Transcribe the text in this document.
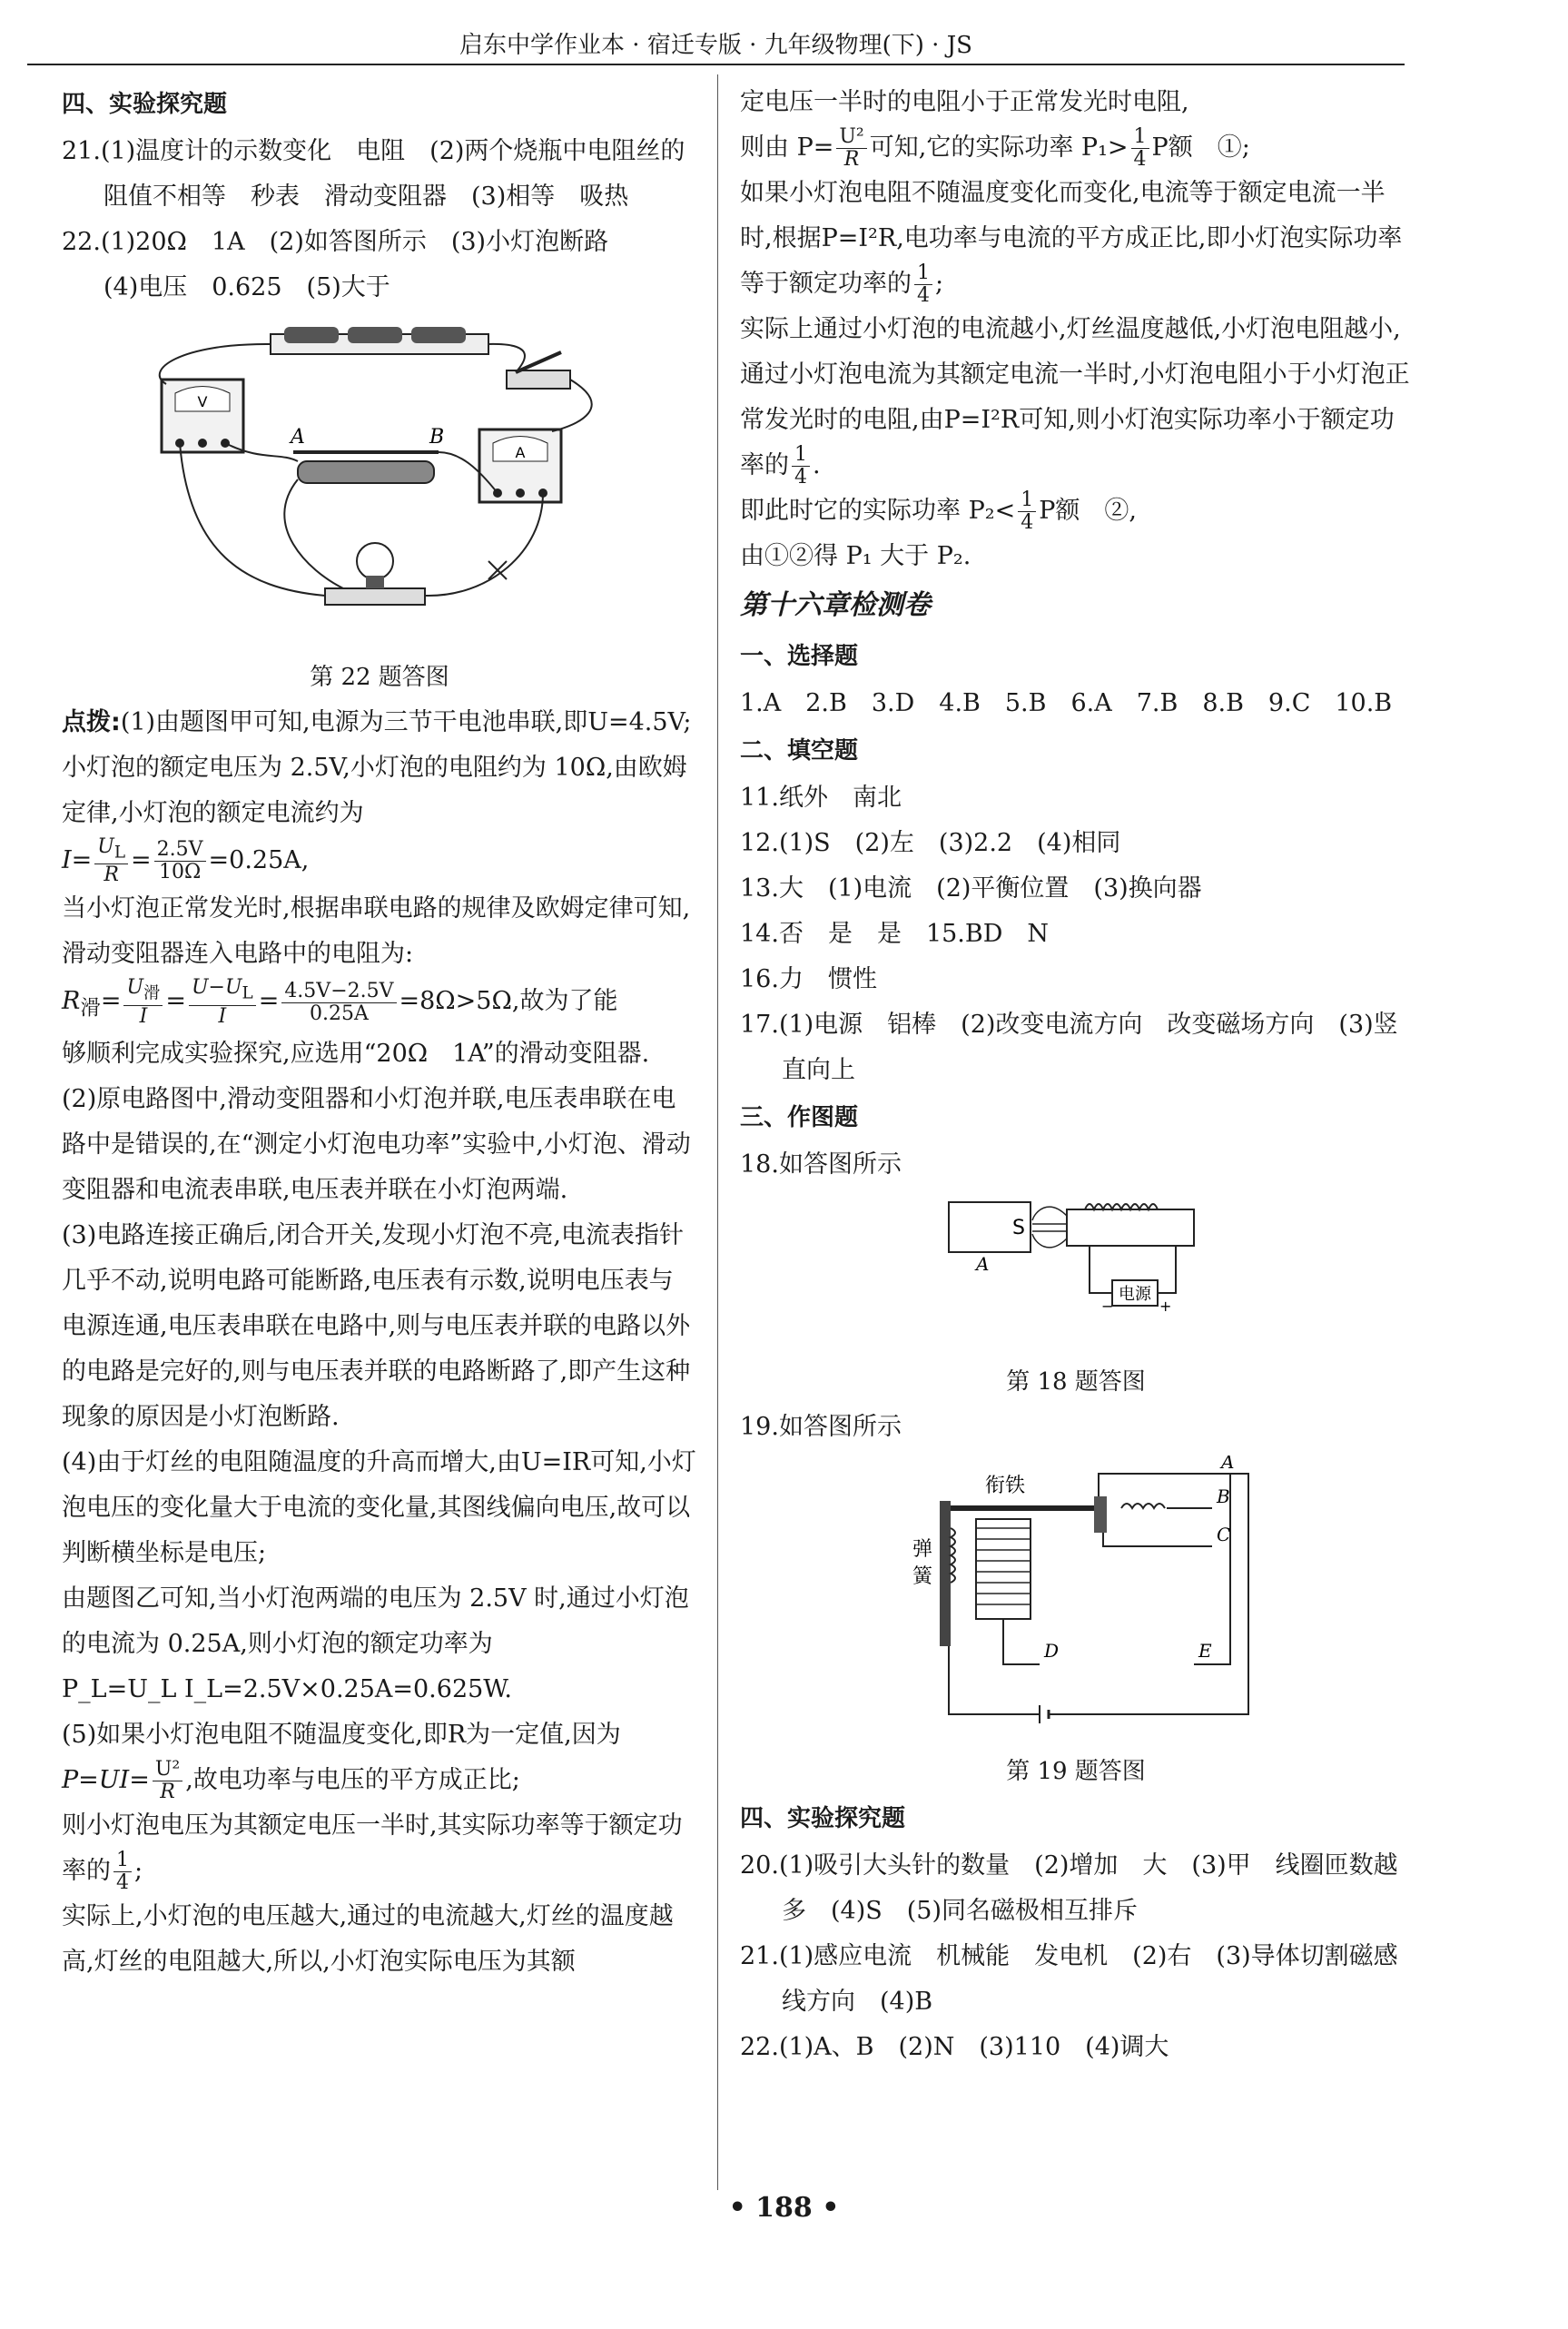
启东中学作业本 · 宿迁专版 · 九年级物理(下) · JS

四、实验探究题

21.(1)温度计的示数变化　电阻　(2)两个烧瓶中电阻丝的阻值不相等　秒表　滑动变阻器　(3)相等　吸热

22.(1)20Ω　1A　(2)如答图所示　(3)小灯泡断路

(4)电压　0.625　(5)大于

V
A
A	B

第 22 题答图

点拨:(1)由题图甲可知,电源为三节干电池串联,即U=4.5V;

小灯泡的额定电压为 2.5V,小灯泡的电阻约为 10Ω,由欧姆定律,小灯泡的额定电流约为

$I= \frac{U_L}{R} = \frac{2.5V}{10\Omega} =0.25A$,

当小灯泡正常发光时,根据串联电路的规律及欧姆定律可知,滑动变阻器连入电路中的电阻为:

$R_滑= \frac{U_滑}{I} = \frac{U-U_L}{I} = \frac{4.5V-2.5V}{0.25A} =8\Omega>5\Omega$,故为了能

够顺利完成实验探究,应选用“20Ω　1A”的滑动变阻器.

(2)原电路图中,滑动变阻器和小灯泡并联,电压表串联在电路中是错误的,在“测定小灯泡电功率”实验中,小灯泡、滑动变阻器和电流表串联,电压表并联在小灯泡两端.

(3)电路连接正确后,闭合开关,发现小灯泡不亮,电流表指针几乎不动,说明电路可能断路,电压表有示数,说明电压表与电源连通,电压表串联在电路中,则与电压表并联的电路以外的电路是完好的,则与电压表并联的电路断路了,即产生这种现象的原因是小灯泡断路.

(4)由于灯丝的电阻随温度的升高而增大,由U=IR可知,小灯泡电压的变化量大于电流的变化量,其图线偏向电压,故可以判断横坐标是电压;

由题图乙可知,当小灯泡两端的电压为 2.5V 时,通过小灯泡的电流为 0.25A,则小灯泡的额定功率为

P_L=U_L I_L=2.5V×0.25A=0.625W.

(5)如果小灯泡电阻不随温度变化,即R为一定值,因为

$P=UI= \frac{\text{U²}}{R}$ ,故电功率与电压的平方成正比;

则小灯泡电压为其额定电压一半时,其实际功率等于额定功率的 $\frac{1}{4}$ ;

实际上,小灯泡的电压越大,通过的电流越大,灯丝的温度越高,灯丝的电阻越大,所以,小灯泡实际电压为其额

定电压一半时的电阻小于正常发光时电阻,

则由 $P= \frac{\text{U²}}{R}$ 可知,它的实际功率 $P_1> \frac{1}{4}$ P额　①;

如果小灯泡电阻不随温度变化而变化,电流等于额定电流一半时,根据P=I²R,电功率与电流的平方成正比,即小灯泡实际功率等于额定功率的 $\frac{1}{4}$ ;

实际上通过小灯泡的电流越小,灯丝温度越低,小灯泡电阻越小,通过小灯泡电流为其额定电流一半时,小灯泡电阻小于小灯泡正常发光时的电阻,由P=I²R可知,则小灯泡实际功率小于额定功率的 $\frac{1}{4}$ .

即此时它的实际功率 $P_2< \frac{1}{4}$ P额　②,

由①②得 P₁ 大于 P₂.

第十六章检测卷

一、选择题

1.A　2.B　3.D　4.B　5.B　6.A　7.B　8.B　9.C　10.B

二、填空题

11.纸外　南北

12.(1)S　(2)左　(3)2.2　(4)相同

13.大　(1)电流　(2)平衡位置　(3)换向器

14.否　是　是　15.BD　N

16.力　惯性

17.(1)电源　铝棒　(2)改变电流方向　改变磁场方向　(3)竖直向上

三、作图题

18.如答图所示

S
A
电源
−	+

第 18 题答图

19.如答图所示

衔铁
弹
簧
A
B
C
D	E

第 19 题答图

四、实验探究题

20.(1)吸引大头针的数量　(2)增加　大　(3)甲　线圈匝数越多　(4)S　(5)同名磁极相互排斥

21.(1)感应电流　机械能　发电机　(2)右　(3)导体切割磁感线方向　(4)B

22.(1)A、B　(2)N　(3)110　(4)调大

• 188 •
